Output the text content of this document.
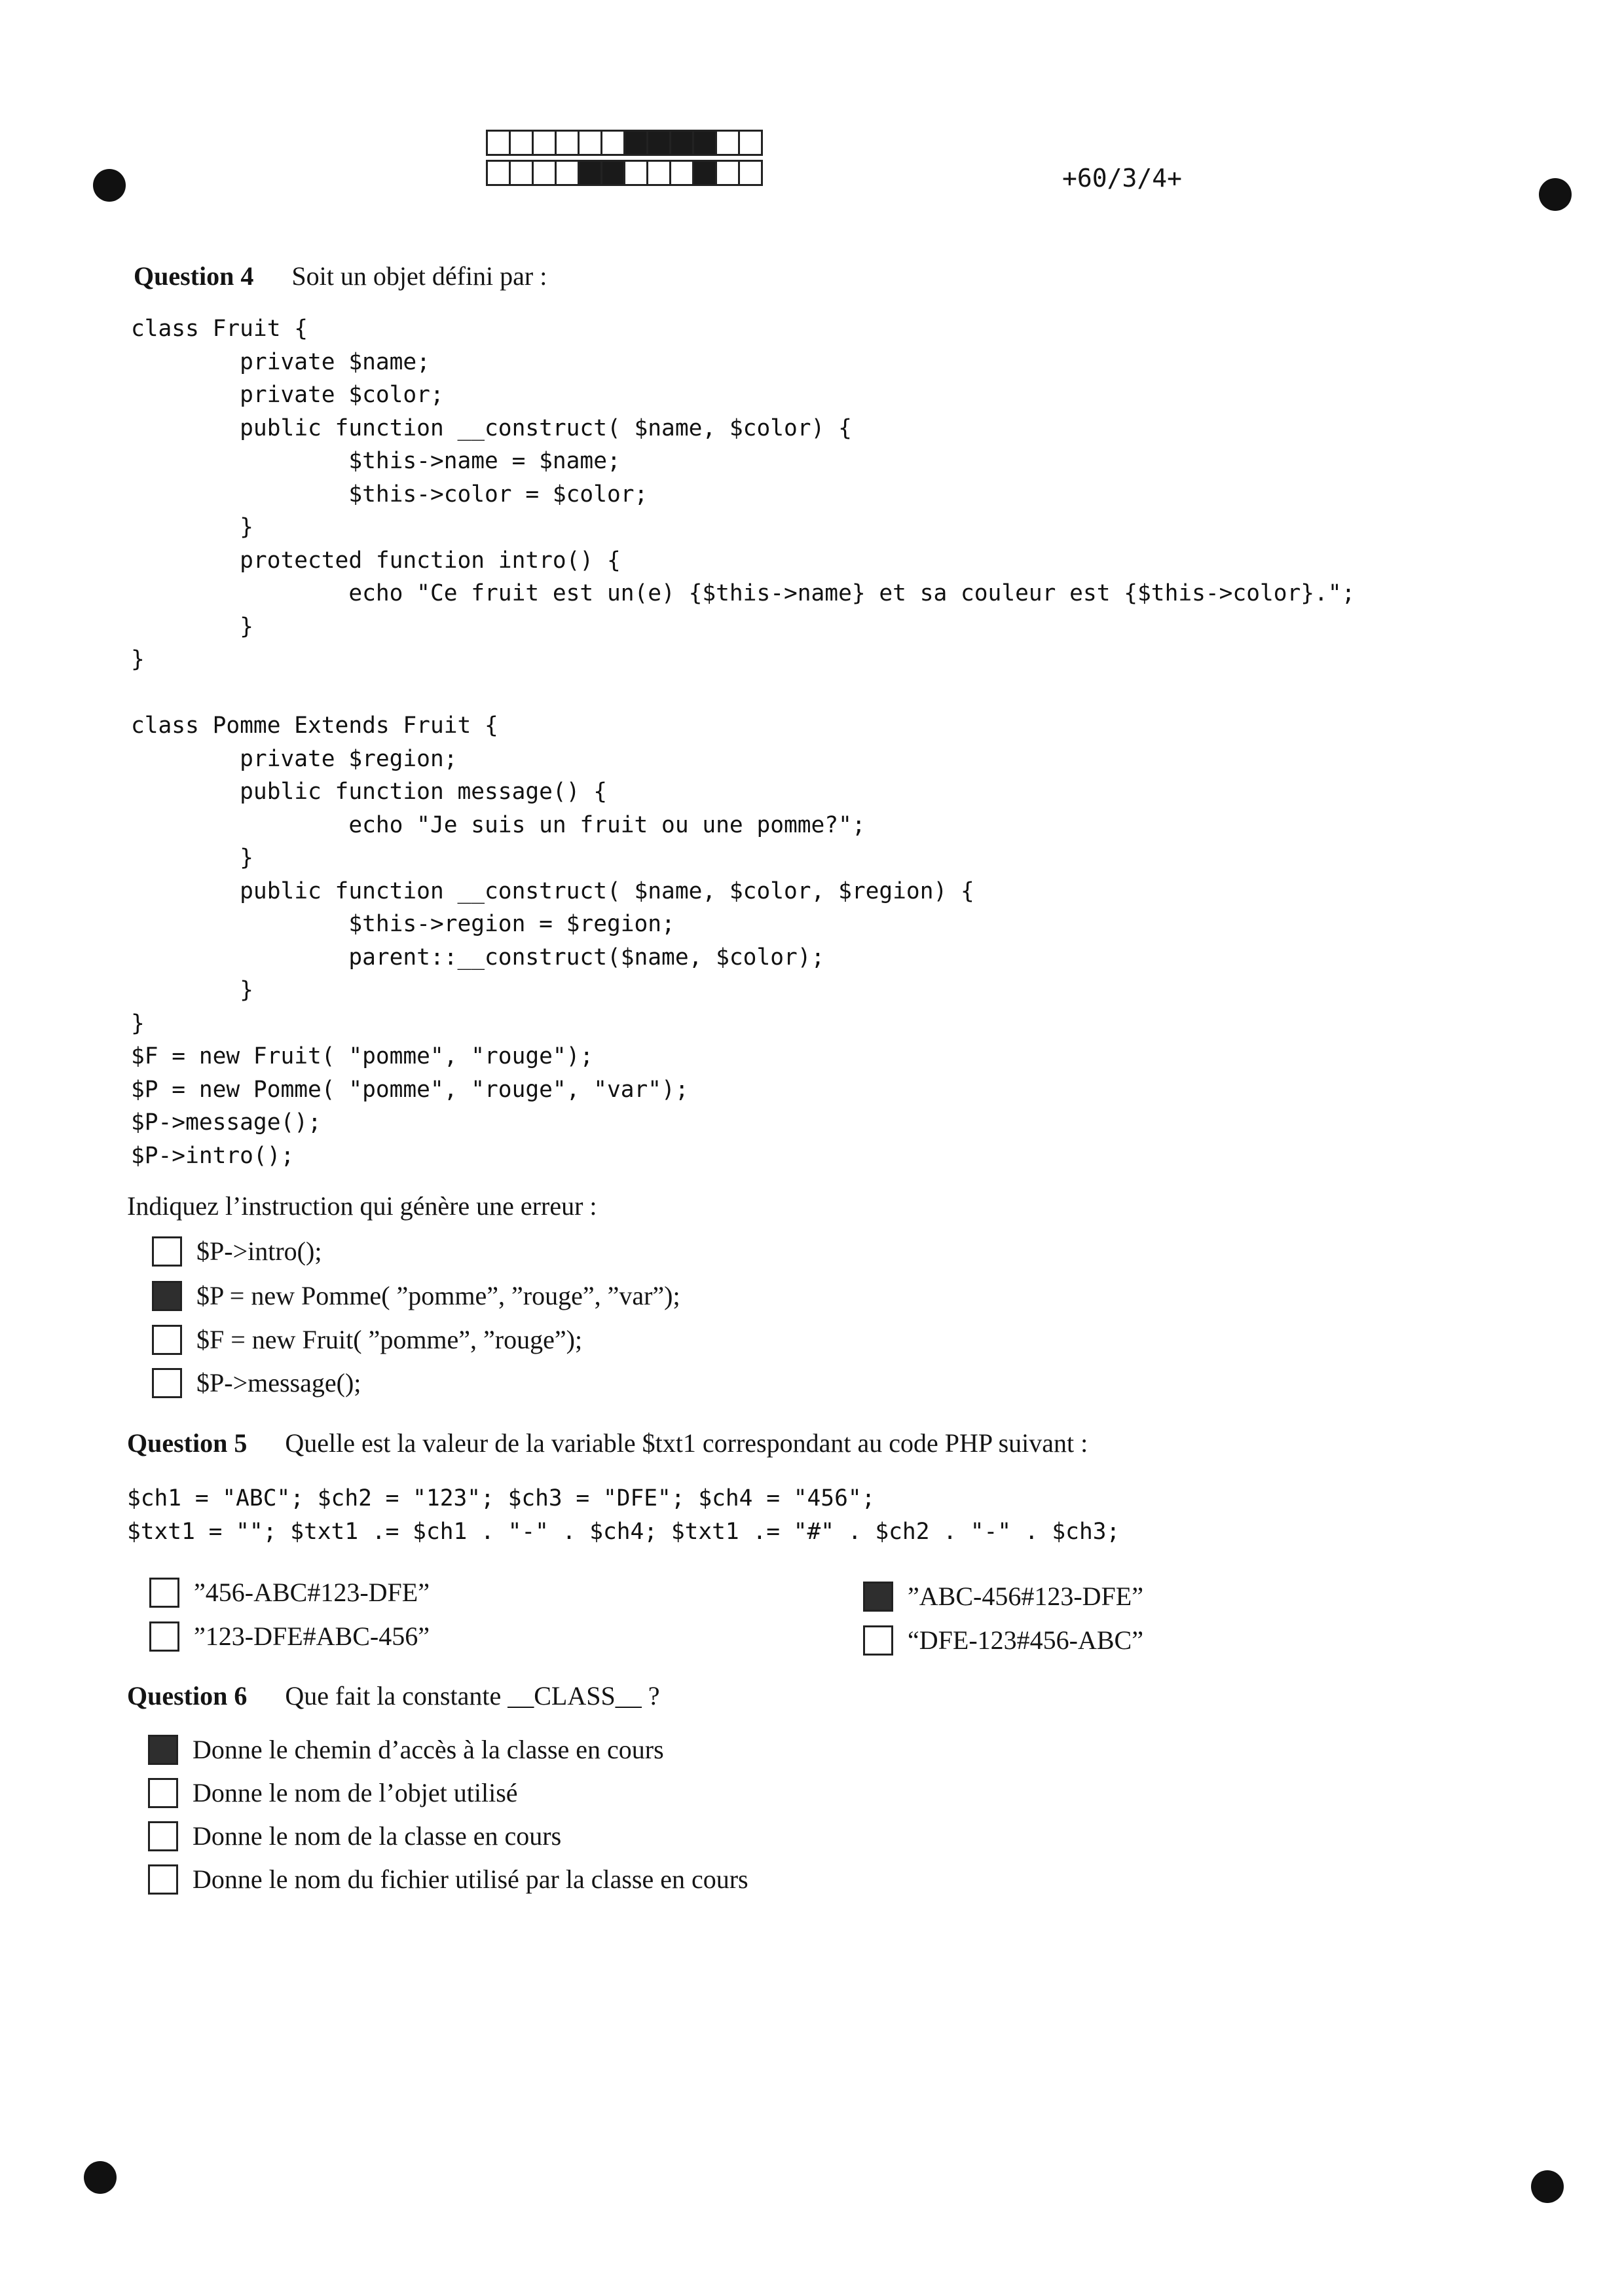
+60/3/4+
Question 4 Soit un objet défini par :
class Fruit {
private $name;
private $color;
public function __construct( $name, $color) {
$this->name = $name;
$this->color = $color;
}
protected function intro() {
echo "Ce fruit est un(e) {$this->name} et sa couleur est {$this->color}.";
}
}

class Pomme Extends Fruit {
private $region;
public function message() {
echo "Je suis un fruit ou une pomme?";
}
public function __construct( $name, $color, $region) {
$this->region = $region;
parent::__construct($name, $color);
}
}
$F = new Fruit( "pomme", "rouge");
$P = new Pomme( "pomme", "rouge", "var");
$P->message();
$P->intro();
Indiquez l’instruction qui génère une erreur :
$P->intro();
$P = new Pomme( ”pomme”, ”rouge”, ”var”);
$F = new Fruit( ”pomme”, ”rouge”);
$P->message();
Question 5 Quelle est la valeur de la variable $txt1 correspondant au code PHP suivant :
$ch1 = "ABC"; $ch2 = "123"; $ch3 = "DFE"; $ch4 = "456";
$txt1 = ""; $txt1 .= $ch1 . "-" . $ch4; $txt1 .= "#" . $ch2 . "-" . $ch3;
”456-ABC#123-DFE”
”123-DFE#ABC-456”
”ABC-456#123-DFE”
“DFE-123#456-ABC”
Question 6 Que fait la constante __CLASS__ ?
Donne le chemin d’accès à la classe en cours
Donne le nom de l’objet utilisé
Donne le nom de la classe en cours
Donne le nom du fichier utilisé par la classe en cours
